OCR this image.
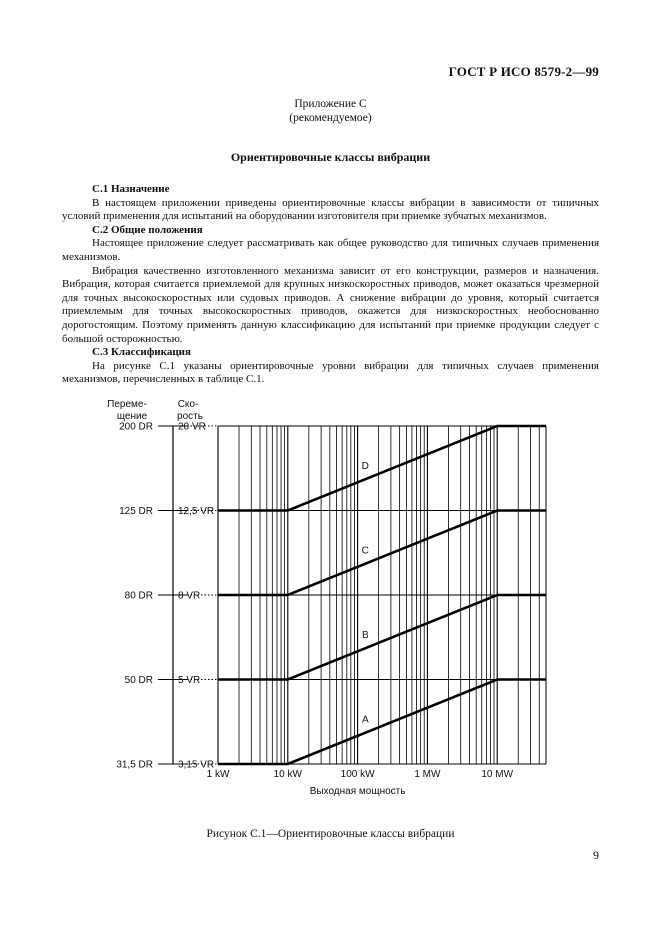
ГОСТ Р ИСО 8579-2—99
Приложение С
(рекомендуемое)
Ориентировочные классы вибрации
С.1 Назначение

В настоящем приложении приведены ориентировочные классы вибрации в зависимости от типичных условий применения для испытаний на оборудовании изготовителя при приемке зубчатых механизмов.

С.2 Общие положения

Настоящее приложение следует рассматривать как общее руководство для типичных случаев применения механизмов.

Вибрация качественно изготовленного механизма зависит от его конструкции, размеров и назначения. Вибрация, которая считается приемлемой для крупных низкоскоростных приводов, может оказаться чрезмерной для точных высокоскоростных или судовых приводов. А снижение вибрации до уровня, который считается приемлемым для точных высокоскоростных приводов, окажется для низкоскоростных необоснованно дорогостоящим. Поэтому применять данную классификацию для испытаний при приемке продукции следует с большой осторожностью.

С.3 Классификация

На рисунке С.1 указаны ориентировочные уровни вибрации для типичных случаев применения механизмов, перечисленных в таблице С.1.

31,5 DR	3,15 VR
50 DR	5 VR
80 DR	8 VR
125 DR	12,5 VR
200 DR	20 VR
Переме-
щение
Ско-
рость
1 kW	10 kW	100 kW	1 MW	10 MW
Выходная мощность
A
B
C
D
Рисунок С.1—Ориентировочные классы вибрации
9
